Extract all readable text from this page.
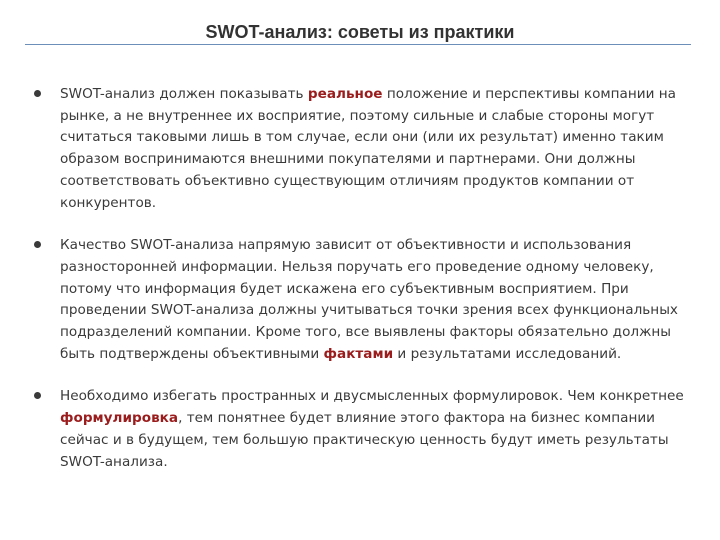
SWOT-анализ: советы из практики
SWOT-анализ должен показывать реальное положение и перспективы компании на рынке, а не внутреннее их восприятие, поэтому сильные и слабые стороны могут считаться таковыми лишь в том случае, если они (или их результат) именно таким образом воспринимаются внешними покупателями и партнерами. Они должны соответствовать объективно существующим отличиям продуктов компании от конкурентов.
Качество SWOT-анализа напрямую зависит от объективности и использования разносторонней информации. Нельзя поручать его проведение одному человеку, потому что информация будет искажена его субъективным восприятием. При проведении SWOT-анализа должны учитываться точки зрения всех функциональных подразделений компании. Кроме того, все выявлены факторы обязательно должны быть подтверждены объективными фактами и результатами исследований.
Необходимо избегать пространных и двусмысленных формулировок. Чем конкретнее формулировка, тем понятнее будет влияние этого фактора на бизнес компании сейчас и в будущем, тем большую практическую ценность будут иметь результаты SWOT-анализа.
